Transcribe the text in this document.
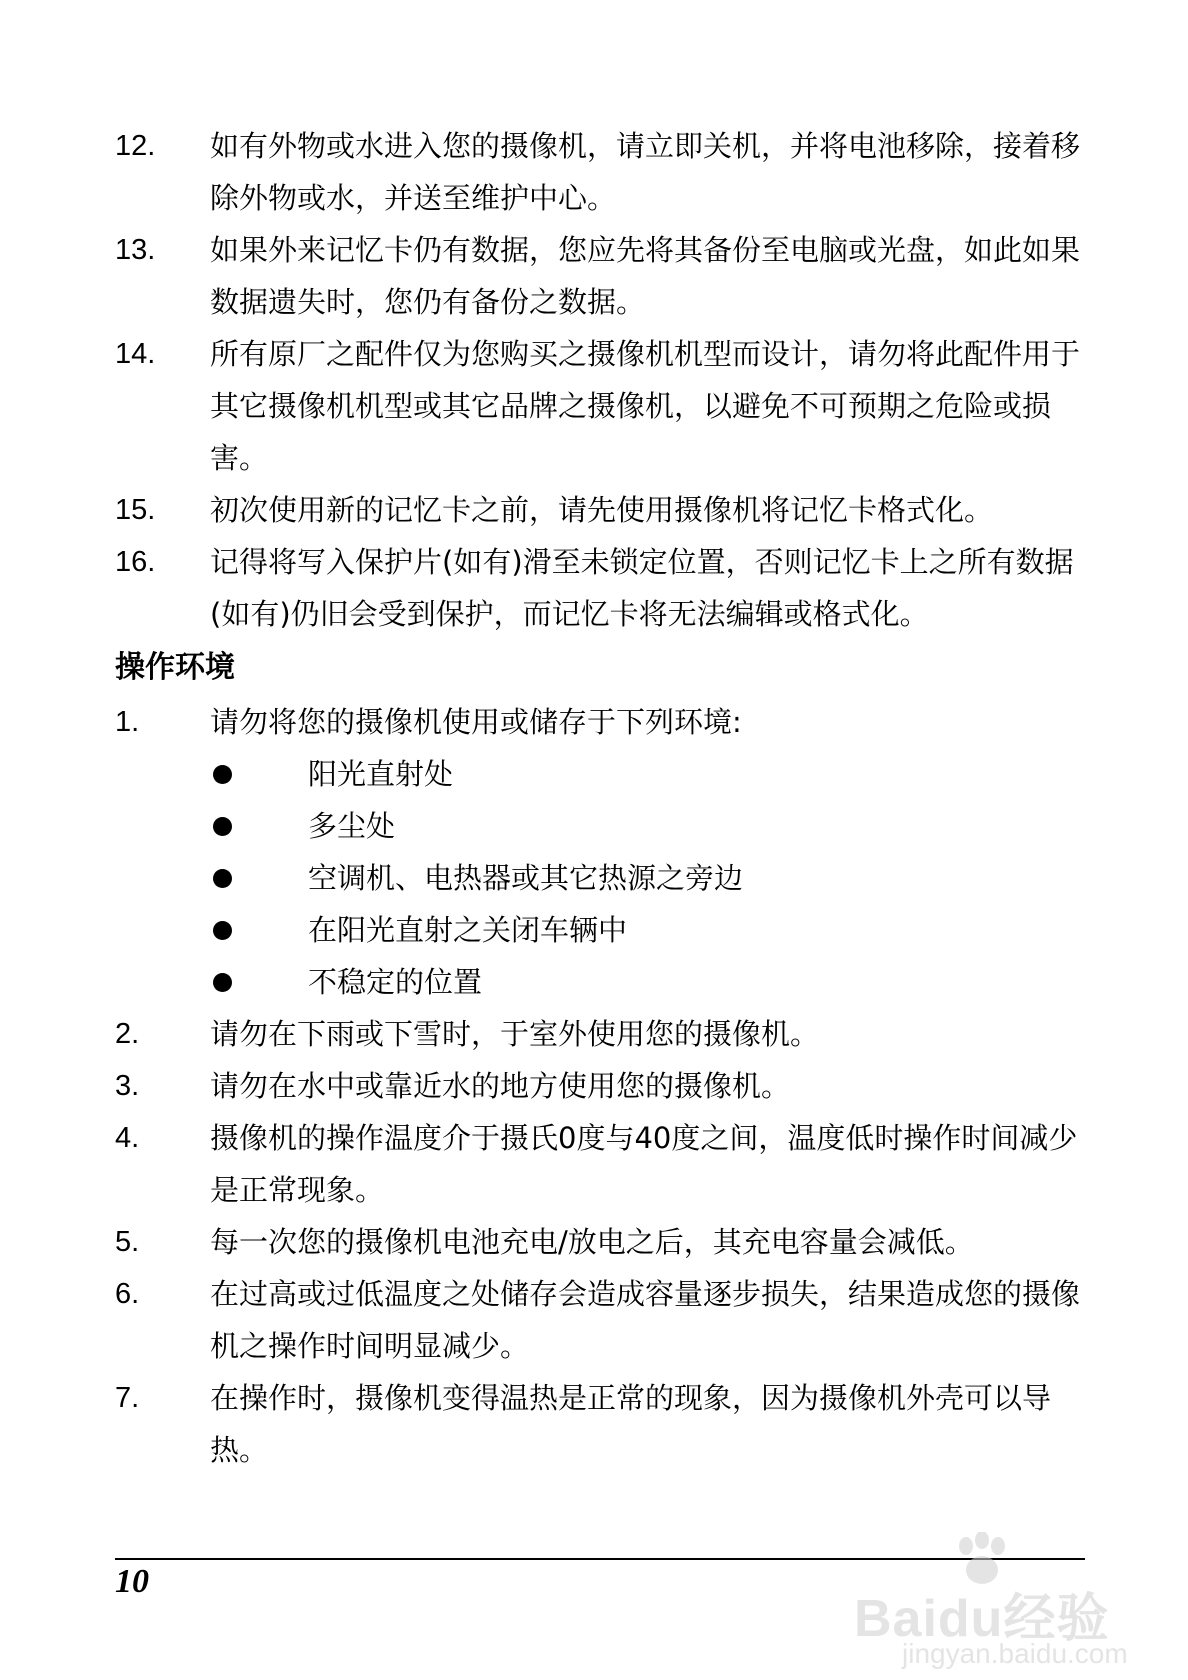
12.	如有外物或水进入您的摄像机，请立即关机，并将电池移除，接着移除外物或水，并送至维护中心。
13.	如果外来记忆卡仍有数据，您应先将其备份至电脑或光盘，如此如果数据遗失时，您仍有备份之数据。
14.	所有原厂之配件仅为您购买之摄像机机型而设计，请勿将此配件用于其它摄像机机型或其它品牌之摄像机，以避免不可预期之危险或损害。
15.	初次使用新的记忆卡之前，请先使用摄像机将记忆卡格式化。
16.	记得将写入保护片(如有)滑至未锁定位置，否则记忆卡上之所有数据(如有)仍旧会受到保护，而记忆卡将无法编辑或格式化。
操作环境
1.	请勿将您的摄像机使用或储存于下列环境:
阳光直射处
多尘处
空调机、电热器或其它热源之旁边
在阳光直射之关闭车辆中
不稳定的位置
2.	请勿在下雨或下雪时，于室外使用您的摄像机。
3.	请勿在水中或靠近水的地方使用您的摄像机。
4.	摄像机的操作温度介于摄氏0度与40度之间，温度低时操作时间减少是正常现象。
5.	每一次您的摄像机电池充电/放电之后，其充电容量会减低。
6.	在过高或过低温度之处储存会造成容量逐步损失，结果造成您的摄像机之操作时间明显减少。
7.	在操作时，摄像机变得温热是正常的现象，因为摄像机外壳可以导热。
10
Baidu经验
jingyan.baidu.com
